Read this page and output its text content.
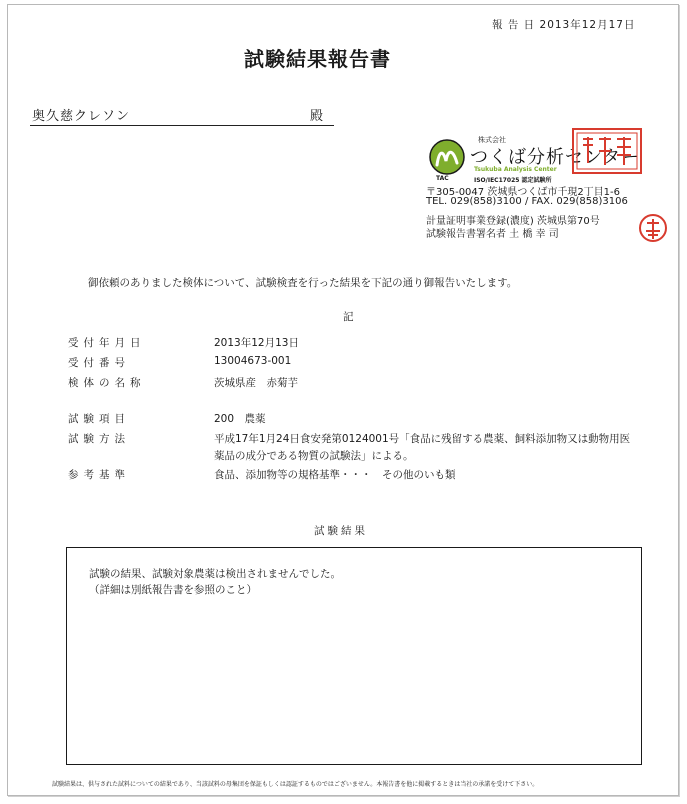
報 告 日 2013年12月17日
試験結果報告書
奥久慈クレソン	殿
TAC
株式会社
つくば分析センター
Tsukuba Analysis Center
ISO/IEC17025 認定試験所
〒305-0047 茨城県つくば市千現2丁目1-6
TEL. 029(858)3100 / FAX. 029(858)3106
計量証明事業登録(濃度) 茨城県第70号
試験報告書署名者 土 橋 幸 司
御依頼のありました検体について、試験検査を行った結果を下記の通り御報告いたします。
記
受付年月日	2013年12月13日
受付番号	13004673-001
検体の名称	茨城県産　赤菊芋
試験項目	200　農薬
試験方法	平成17年1月24日食安発第0124001号「食品に残留する農薬、飼料添加物又は動物用医薬品の成分である物質の試験法」による。
参考基準	食品、添加物等の規格基準・・・　その他のいも類
試験結果
試験の結果、試験対象農薬は検出されませんでした。
（詳細は別紙報告書を参照のこと）
試験結果は、供与された試料についての結果であり、当該試料の母集団を保証もしくは認証するものではございません。本報告書を他に掲載するときは当社の承諾を受けて下さい。
